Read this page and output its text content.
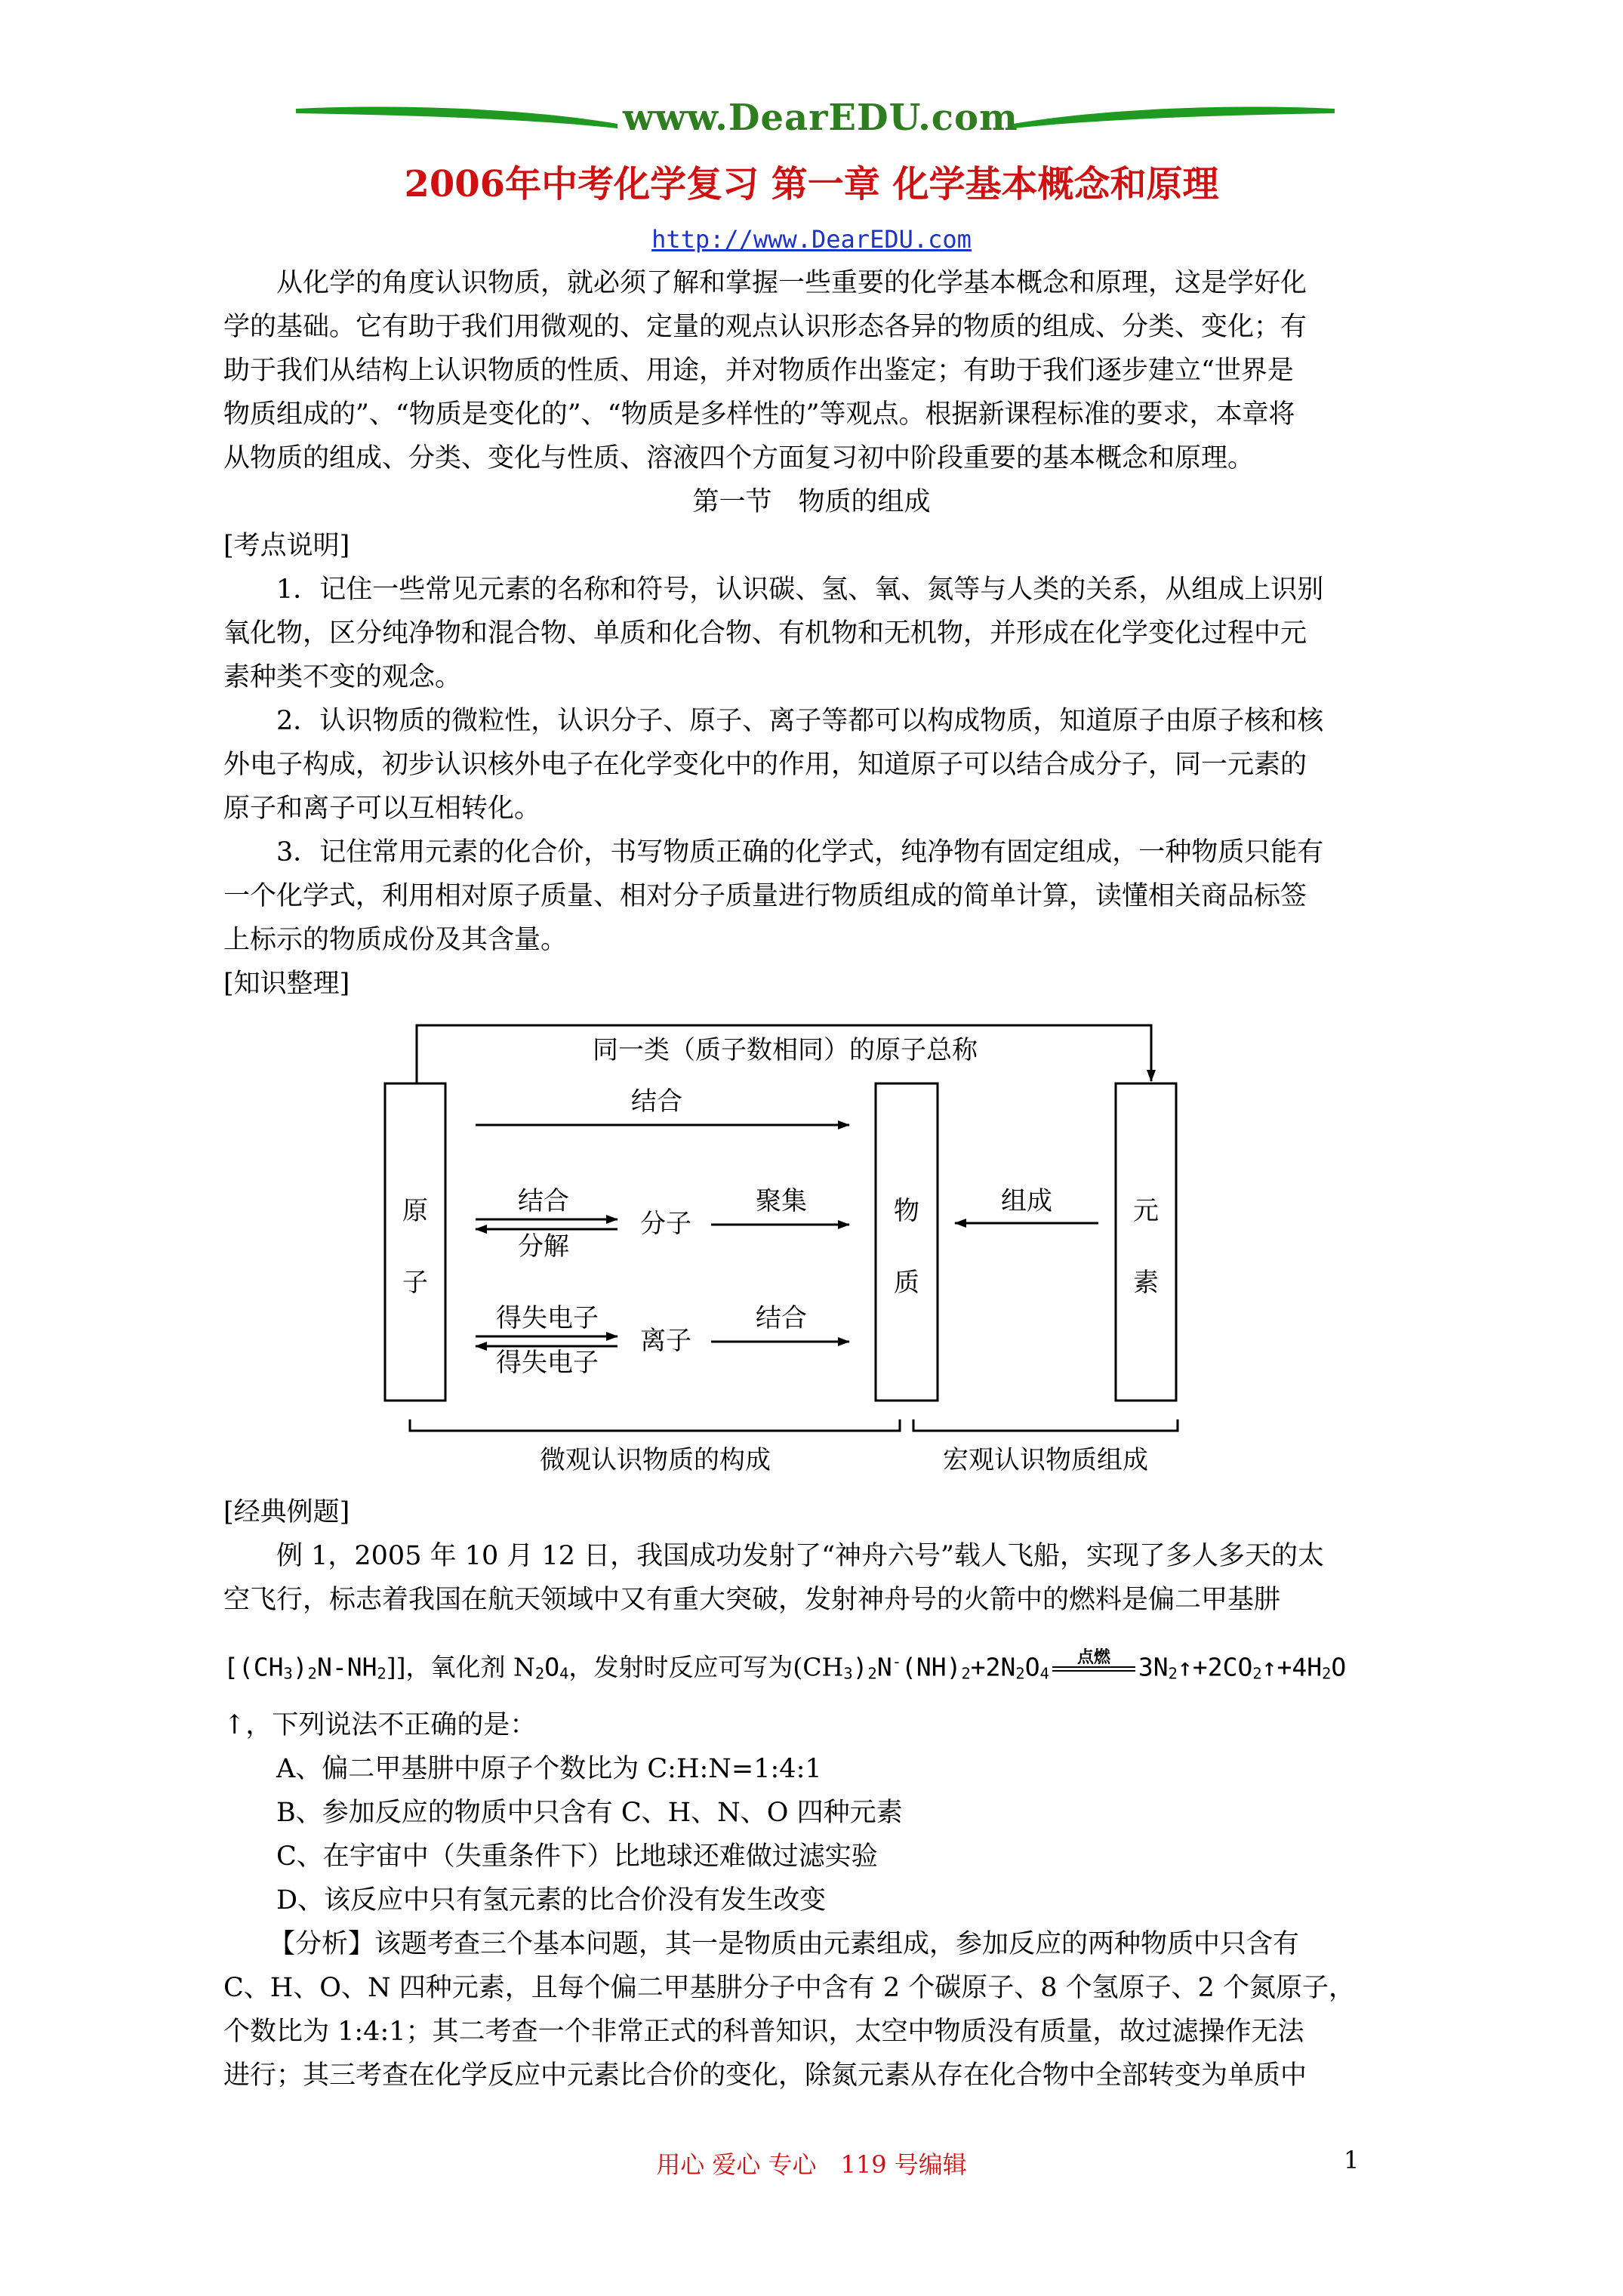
www.DearEDU.com
2006年中考化学复习 第一章 化学基本概念和原理
http://www.DearEDU.com
从化学的角度认识物质，就必须了解和掌握一些重要的化学基本概念和原理，这是学好化
学的基础。它有助于我们用微观的、定量的观点认识形态各异的物质的组成、分类、变化；有
助于我们从结构上认识物质的性质、用途，并对物质作出鉴定；有助于我们逐步建立“世界是
物质组成的”、“物质是变化的”、“物质是多样性的”等观点。根据新课程标准的要求，本章将
从物质的组成、分类、变化与性质、溶液四个方面复习初中阶段重要的基本概念和原理。
第一节　物质的组成
[考点说明]
1．记住一些常见元素的名称和符号，认识碳、氢、氧、氮等与人类的关系，从组成上识别
氧化物，区分纯净物和混合物、单质和化合物、有机物和无机物，并形成在化学变化过程中元
素种类不变的观念。
2．认识物质的微粒性，认识分子、原子、离子等都可以构成物质，知道原子由原子核和核
外电子构成，初步认识核外电子在化学变化中的作用，知道原子可以结合成分子，同一元素的
原子和离子可以互相转化。
3．记住常用元素的化合价，书写物质正确的化学式，纯净物有固定组成，一种物质只能有
一个化学式，利用相对原子质量、相对分子质量进行物质组成的简单计算，读懂相关商品标签
上标示的物质成份及其含量。
[知识整理]
同一类（质子数相同）的原子总称
原
子
物
质
元
素
结合
结合
分解
分子
聚集
得失电子
得失电子
离子
结合
组成
微观认识物质的构成	宏观认识物质组成
[经典例题]
例 1，2005 年 10 月 12 日，我国成功发射了“神舟六号”载人飞船，实现了多人多天的太
空飞行，标志着我国在航天领域中又有重大突破，发射神舟号的火箭中的燃料是偏二甲基肼
$[(CH_3)_2N-NH_2]$]，氧化剂 $N_2O_4$，发射时反应可写为$(CH_3)_2N^-(NH)_2+2N_2O_4$
点燃	$3N_2↑+2CO_2↑+4H_2O$
↑，下列说法不正确的是：
A、偏二甲基肼中原子个数比为 C:H:N=1:4:1
B、参加反应的物质中只含有 C、H、N、O 四种元素
C、在宇宙中（失重条件下）比地球还难做过滤实验
D、该反应中只有氢元素的比合价没有发生改变
【分析】该题考查三个基本问题，其一是物质由元素组成，参加反应的两种物质中只含有
C、H、O、N 四种元素，且每个偏二甲基肼分子中含有 2 个碳原子、8 个氢原子、2 个氮原子，
个数比为 1:4:1；其二考查一个非常正式的科普知识，太空中物质没有质量，故过滤操作无法
进行；其三考查在化学反应中元素比合价的变化，除氮元素从存在化合物中全部转变为单质中
用心 爱心 专心　119 号编辑	1
